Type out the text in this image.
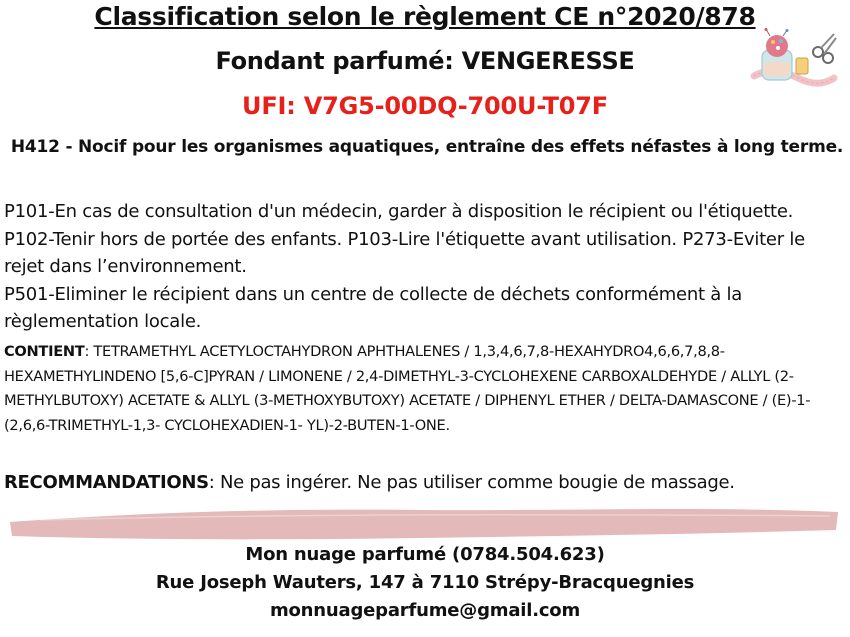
Classification selon le règlement CE n°2020/878
Fondant parfumé: VENGERESSE
UFI: V7G5-00DQ-700U-T07F
H412 - Nocif pour les organismes aquatiques, entraîne des effets néfastes à long terme.

P101-En cas de consultation d'un médecin, garder à disposition le récipient ou l'étiquette. P102-Tenir hors de portée des enfants. P103-Lire l'étiquette avant utilisation. P273-Eviter le rejet dans l’environnement.

P501-Eliminer le récipient dans un centre de collecte de déchets conformément à la règlementation locale.

CONTIENT: TETRAMETHYL ACETYLOCTAHYDRON APHTHALENES / 1,3,4,6,7,8-HEXAHYDRO4,6,6,7,8,8- HEXAMETHYLINDENO [5,6-C]PYRAN / LIMONENE / 2,4-DIMETHYL-3-CYCLOHEXENE CARBOXALDEHYDE / ALLYL (2- METHYLBUTOXY) ACETATE & ALLYL (3-METHOXYBUTOXY) ACETATE / DIPHENYL ETHER / DELTA-DAMASCONE / (E)-1-(2,6,6-TRIMETHYL-1,3- CYCLOHEXADIEN-1- YL)-2-BUTEN-1-ONE.
RECOMMANDATIONS: Ne pas ingérer. Ne pas utiliser comme bougie de massage.
Mon nuage parfumé (0784.504.623)
Rue Joseph Wauters, 147 à 7110 Strépy-Bracquegnies
monnuageparfume@gmail.com
